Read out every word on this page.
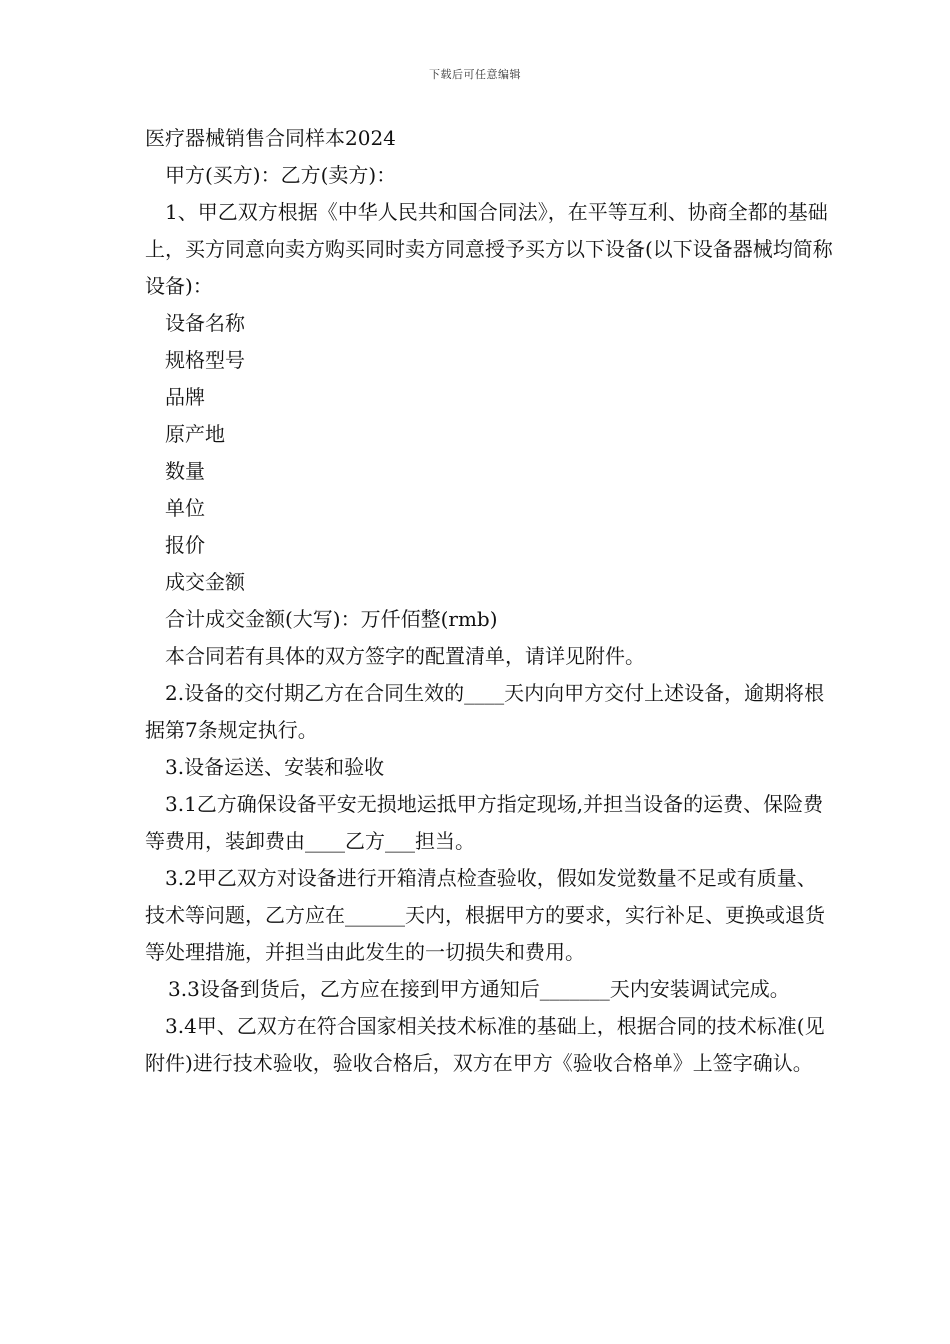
下载后可任意编辑

医疗器械销售合同样本2024

甲方(买方)：乙方(卖方)：

1、甲乙双方根据《中华人民共和国合同法》，在平等互利、协商全都的基础上，买方同意向卖方购买同时卖方同意授予买方以下设备(以下设备器械均简称设备)：

设备名称

规格型号

品牌

原产地

数量

单位

报价

成交金额

合计成交金额(大写)：万仟佰整(rmb)

本合同若有具体的双方签字的配置清单，请详见附件。

2.设备的交付期乙方在合同生效的____天内向甲方交付上述设备，逾期将根据第7条规定执行。

3.设备运送、安装和验收

3.1乙方确保设备平安无损地运抵甲方指定现场,并担当设备的运费、保险费等费用，装卸费由____乙方___担当。

3.2甲乙双方对设备进行开箱清点检查验收，假如发觉数量不足或有质量、技术等问题，乙方应在______天内，根据甲方的要求，实行补足、更换或退货等处理措施，并担当由此发生的一切损失和费用。

3.3设备到货后，乙方应在接到甲方通知后_______天内安装调试完成。

3.4甲、乙双方在符合国家相关技术标准的基础上，根据合同的技术标准(见附件)进行技术验收，验收合格后，双方在甲方《验收合格单》上签字确认。
